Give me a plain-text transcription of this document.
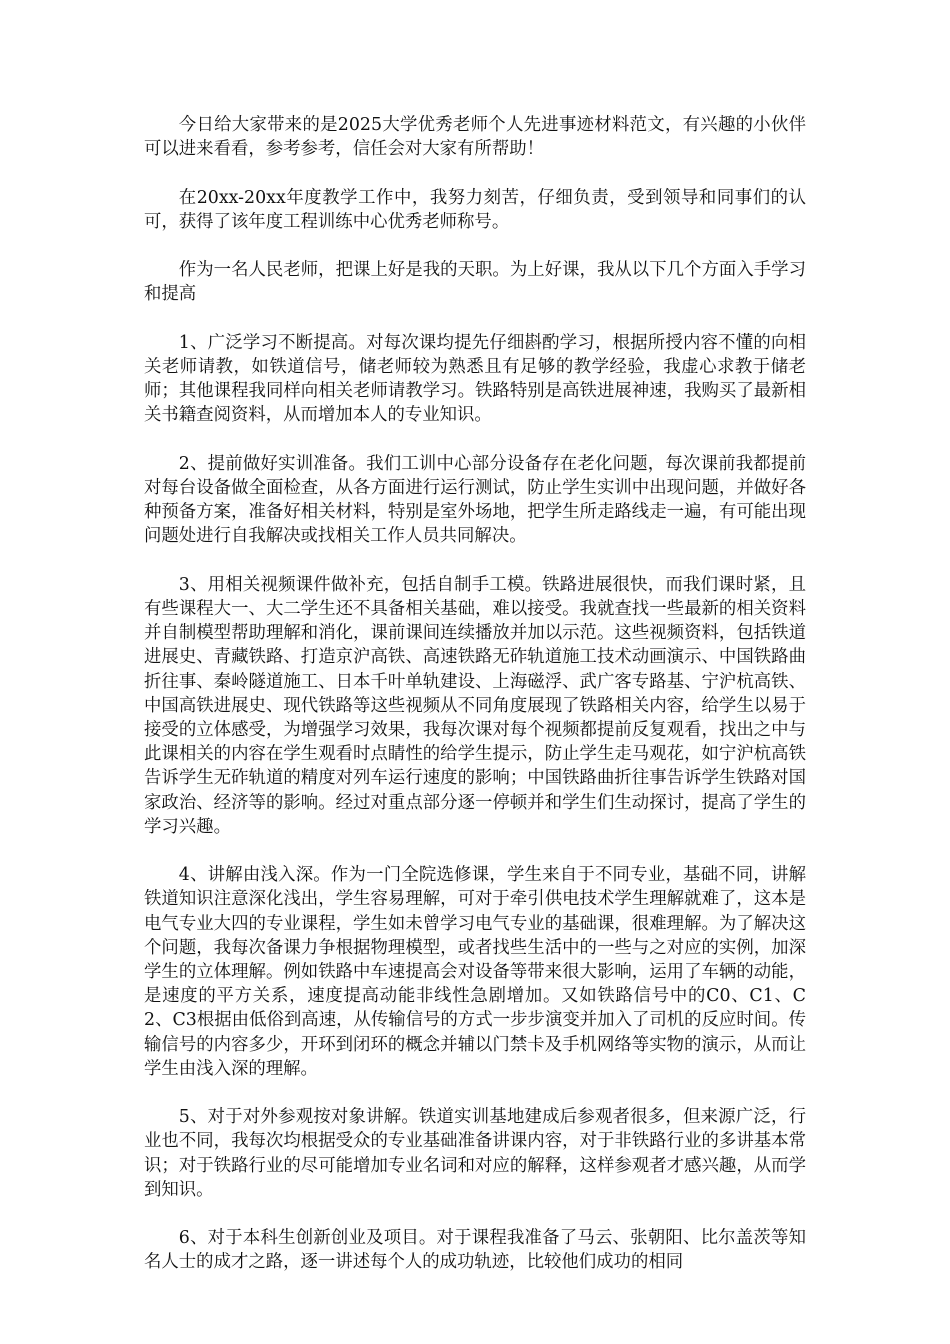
今日给大家带来的是2025大学优秀老师个人先进事迹材料范文，有兴趣的小伙伴可以进来看看，参考参考，信任会对大家有所帮助！

在20xx-20xx年度教学工作中，我努力刻苦，仔细负责，受到领导和同事们的认可，获得了该年度工程训练中心优秀老师称号。

作为一名人民老师，把课上好是我的天职。为上好课，我从以下几个方面入手学习和提高

1、广泛学习不断提高。对每次课均提先仔细斟酌学习，根据所授内容不懂的向相关老师请教，如铁道信号，储老师较为熟悉且有足够的教学经验，我虚心求教于储老师；其他课程我同样向相关老师请教学习。铁路特别是高铁进展神速，我购买了最新相关书籍查阅资料，从而增加本人的专业知识。

2、提前做好实训准备。我们工训中心部分设备存在老化问题，每次课前我都提前对每台设备做全面检查，从各方面进行运行测试，防止学生实训中出现问题，并做好各种预备方案，准备好相关材料，特别是室外场地，把学生所走路线走一遍，有可能出现问题处进行自我解决或找相关工作人员共同解决。

3、用相关视频课件做补充，包括自制手工模。铁路进展很快，而我们课时紧，且有些课程大一、大二学生还不具备相关基础，难以接受。我就查找一些最新的相关资料并自制模型帮助理解和消化，课前课间连续播放并加以示范。这些视频资料，包括铁道进展史、青藏铁路、打造京沪高铁、高速铁路无砟轨道施工技术动画演示、中国铁路曲折往事、秦岭隧道施工、日本千叶单轨建设、上海磁浮、武广客专路基、宁沪杭高铁、中国高铁进展史、现代铁路等这些视频从不同角度展现了铁路相关内容，给学生以易于接受的立体感受，为增强学习效果，我每次课对每个视频都提前反复观看，找出之中与此课相关的内容在学生观看时点睛性的给学生提示，防止学生走马观花，如宁沪杭高铁告诉学生无砟轨道的精度对列车运行速度的影响；中国铁路曲折往事告诉学生铁路对国家政治、经济等的影响。经过对重点部分逐一停顿并和学生们生动探讨，提高了学生的学习兴趣。

4、讲解由浅入深。作为一门全院选修课，学生来自于不同专业，基础不同，讲解铁道知识注意深化浅出，学生容易理解，可对于牵引供电技术学生理解就难了，这本是电气专业大四的专业课程，学生如未曾学习电气专业的基础课，很难理解。为了解决这个问题，我每次备课力争根据物理模型，或者找些生活中的一些与之对应的实例，加深学生的立体理解。例如铁路中车速提高会对设备等带来很大影响，运用了车辆的动能，是速度的平方关系，速度提高动能非线性急剧增加。又如铁路信号中的C0、C1、C2、C3根据由低俗到高速，从传输信号的方式一步步演变并加入了司机的反应时间。传输信号的内容多少，开环到闭环的概念并辅以门禁卡及手机网络等实物的演示，从而让学生由浅入深的理解。

5、对于对外参观按对象讲解。铁道实训基地建成后参观者很多，但来源广泛，行业也不同，我每次均根据受众的专业基础准备讲课内容，对于非铁路行业的多讲基本常识；对于铁路行业的尽可能增加专业名词和对应的解释，这样参观者才感兴趣，从而学到知识。

6、对于本科生创新创业及项目。对于课程我准备了马云、张朝阳、比尔盖茨等知名人士的成才之路，逐一讲述每个人的成功轨迹，比较他们成功的相同
